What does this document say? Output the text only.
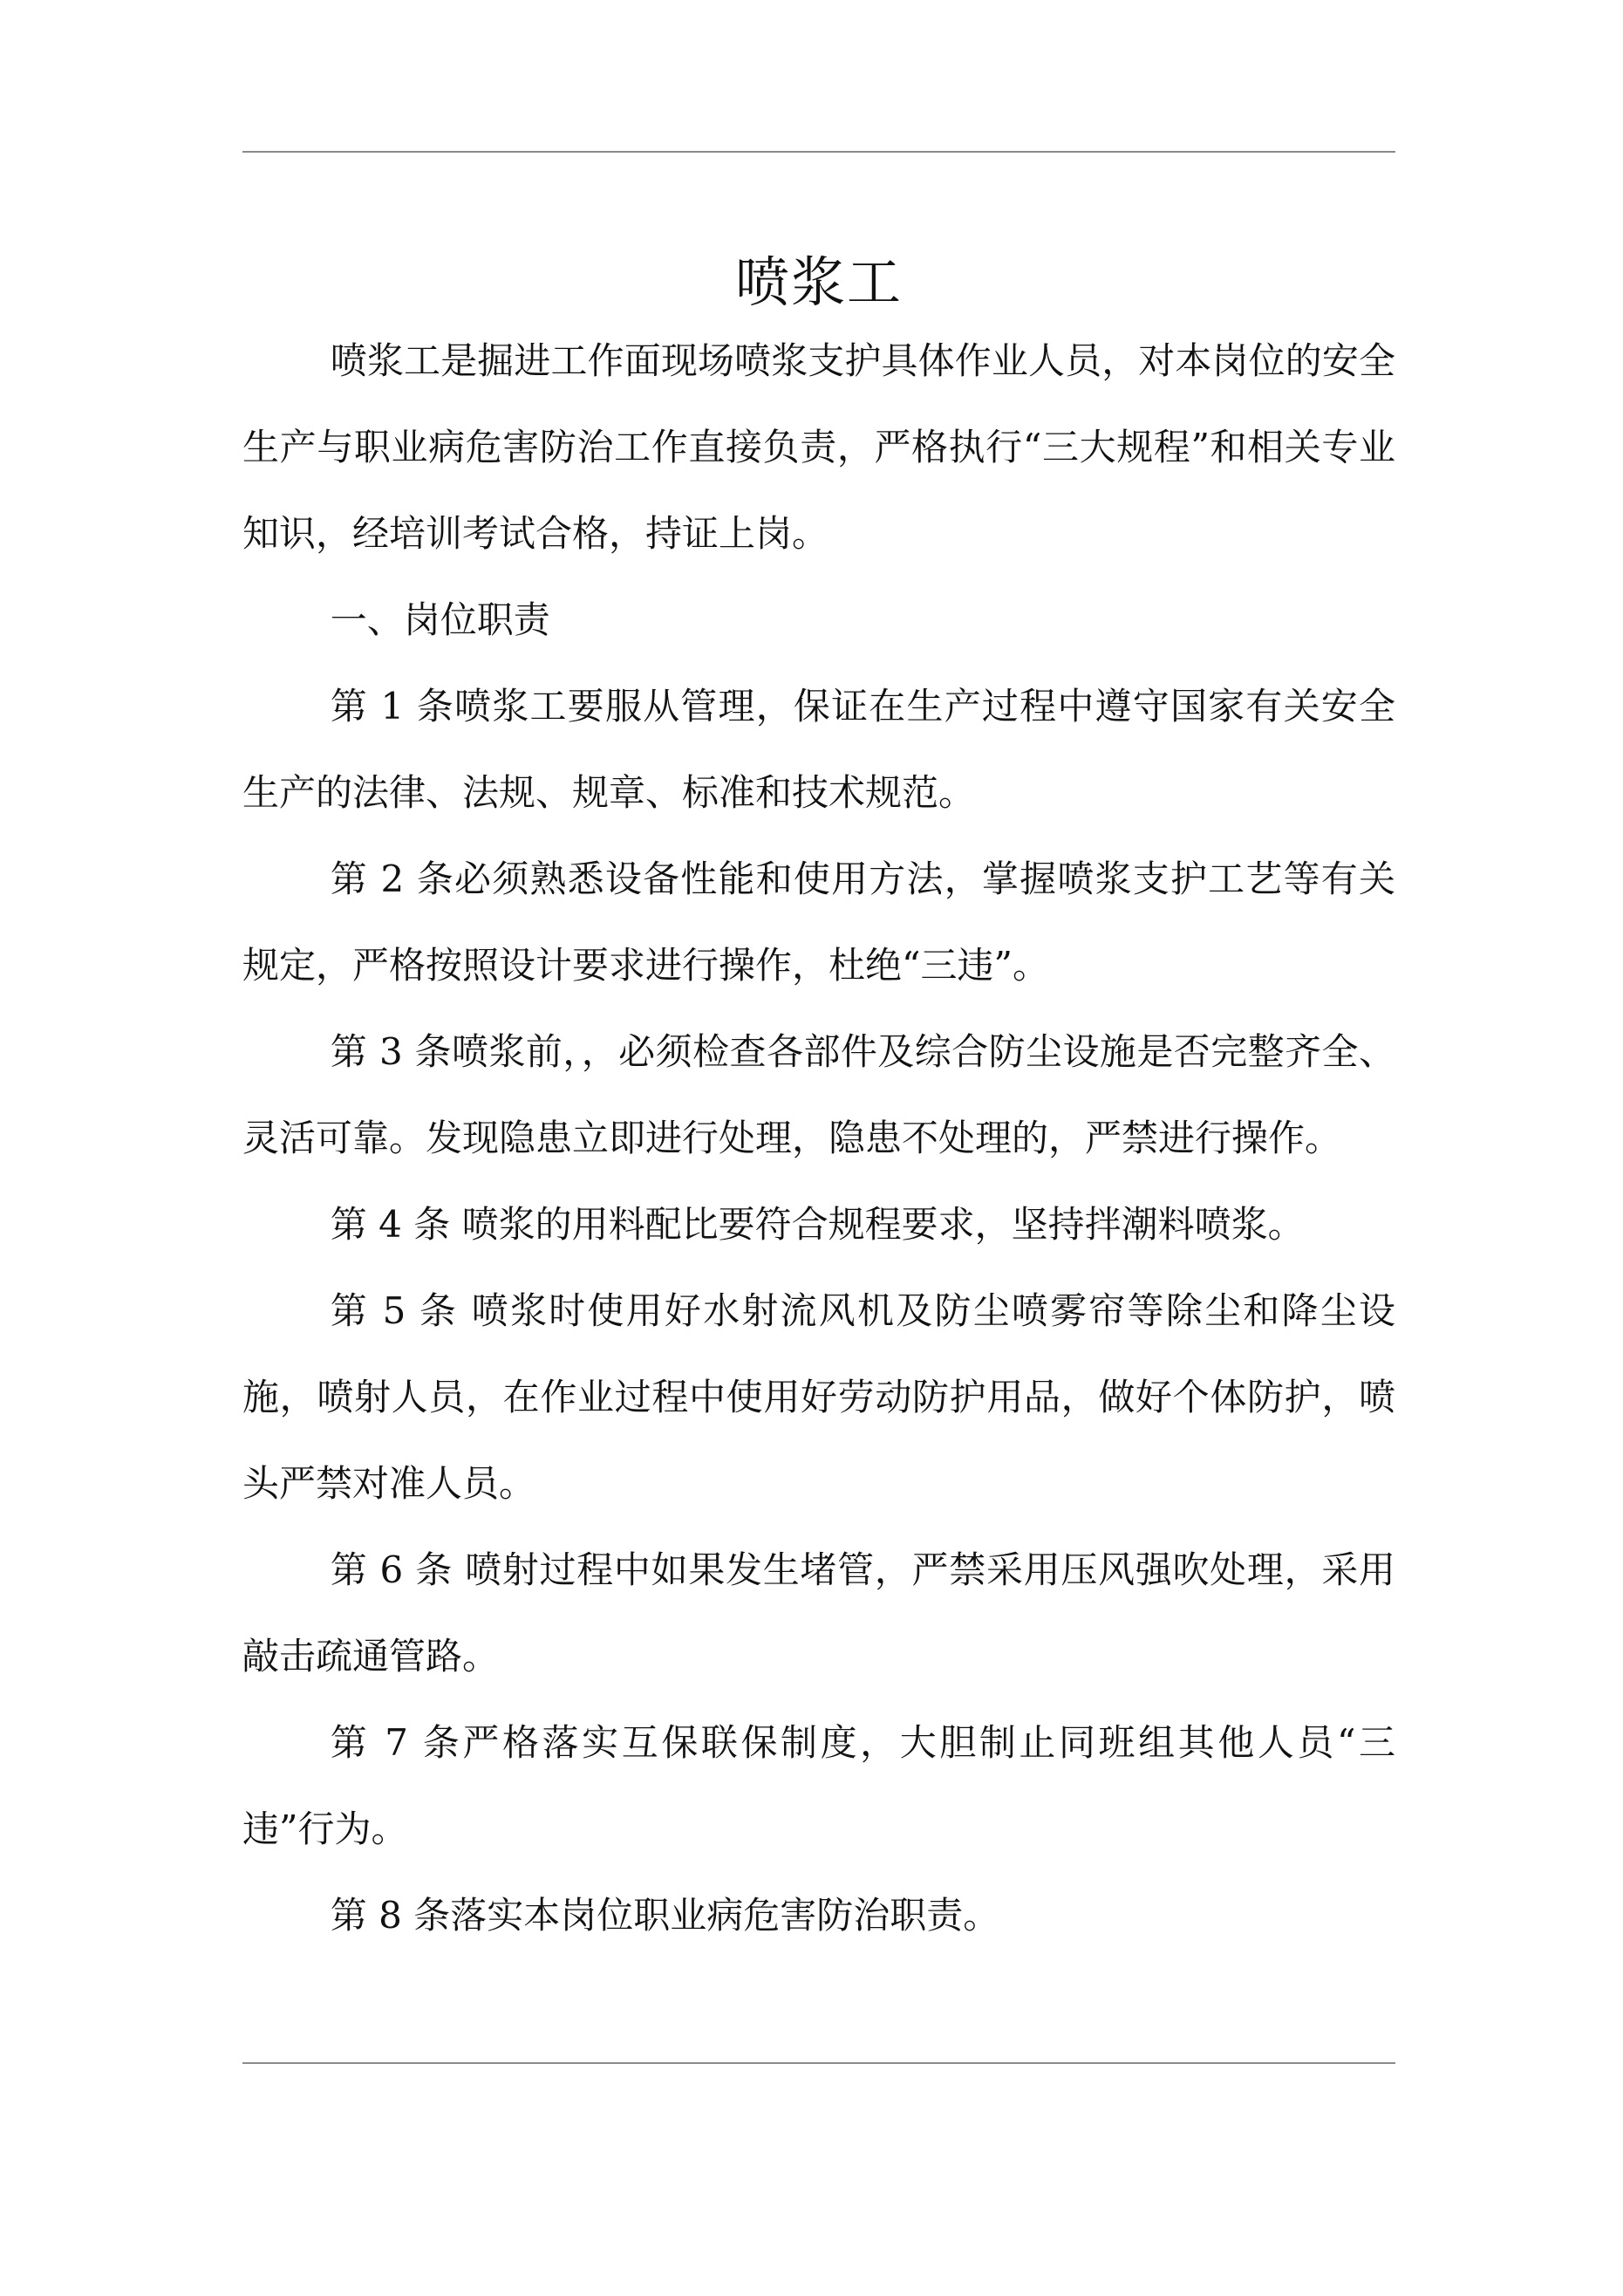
喷浆工

喷浆工是掘进工作面现场喷浆支护具体作业人员，对本岗位的安全生产与职业病危害防治工作直接负责，严格执行“三大规程”和相关专业知识，经培训考试合格，持证上岗。

一、岗位职责

第 1 条喷浆工要服从管理，保证在生产过程中遵守国家有关安全生产的法律、法规、规章、标准和技术规范。

第 2 条必须熟悉设备性能和使用方法，掌握喷浆支护工艺等有关规定，严格按照设计要求进行操作，杜绝“三违”。

第 3 条喷浆前，，必须检查各部件及综合防尘设施是否完整齐全、灵活可靠。发现隐患立即进行处理，隐患不处理的，严禁进行操作。

第 4 条 喷浆的用料配比要符合规程要求，坚持拌潮料喷浆。

第 5 条 喷浆时使用好水射流风机及防尘喷雾帘等除尘和降尘设施，喷射人员，在作业过程中使用好劳动防护用品，做好个体防护，喷头严禁对准人员。

第 6 条 喷射过程中如果发生堵管，严禁采用压风强吹处理，采用敲击疏通管路。

第 7 条严格落实互保联保制度，大胆制止同班组其他人员“三违”行为。

第 8 条落实本岗位职业病危害防治职责。
